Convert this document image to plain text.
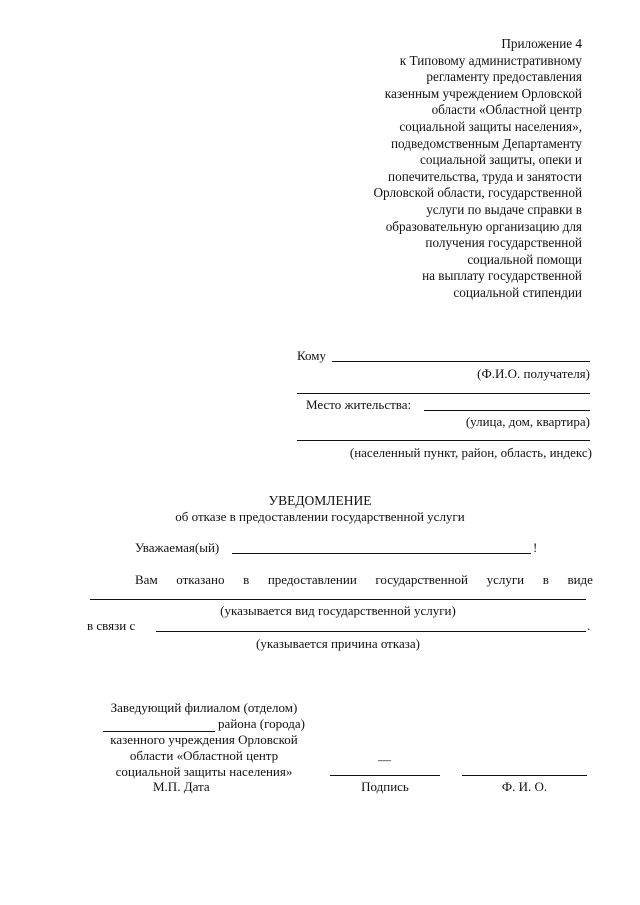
Приложение 4
к Типовому административному
регламенту предоставления
казенным учреждением Орловской
области «Областной центр
социальной защиты населения»,
подведомственным Департаменту
социальной защиты, опеки и
попечительства, труда и занятости
Орловской области, государственной
услуги по выдаче справки в
образовательную организацию для
получения государственной
социальной помощи
на выплату государственной
социальной стипендии
Кому
(Ф.И.О. получателя)
Место жительства:
(улица, дом, квартира)
(населенный пункт, район, область, индекс)
УВЕДОМЛЕНИЕ
об отказе в предоставлении государственной услуги
Уважаемая(ый)	!
Вам отказано в предоставлении государственной услуги в виде
(указывается вид государственной услуги)
в связи с	.
(указывается причина отказа)
Заведующий филиалом (отделом)
района (города)
казенного учреждения Орловской
области «Областной центр
социальной защиты населения»
М.П. Дата
—
Подпись	Ф. И. О.
